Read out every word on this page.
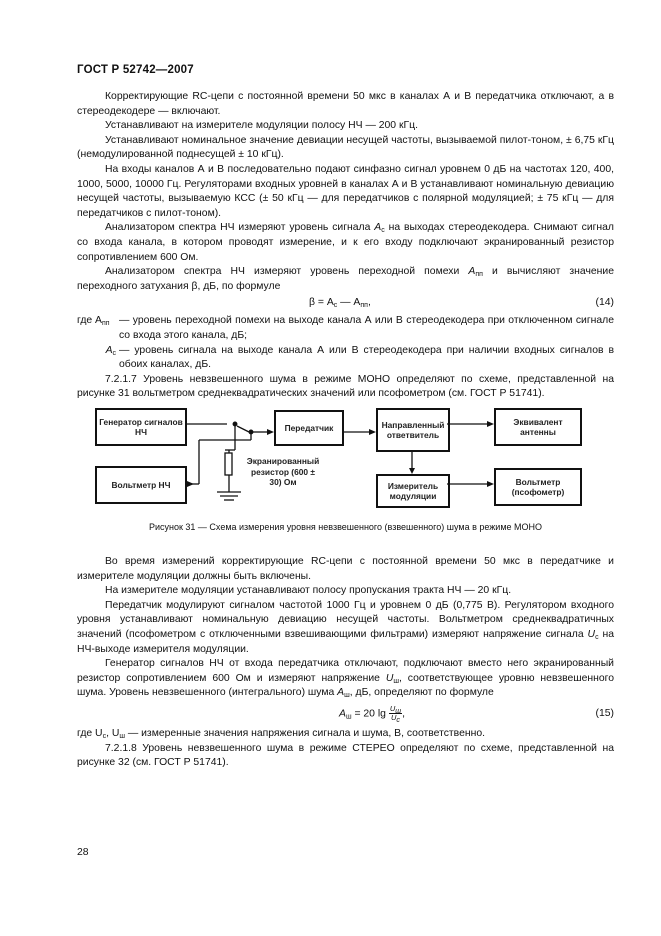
ГОСТ Р 52742—2007

Корректирующие RC-цепи с постоянной времени 50 мкс в каналах А и В передатчика отключают, а в стереодекодере — включают.

Устанавливают на измерителе модуляции полосу НЧ — 200 кГц.

Устанавливают номинальное значение девиации несущей частоты, вызываемой пилот-тоном, ± 6,75 кГц (немодулированной поднесущей ± 10 кГц).

На входы каналов А и В последовательно подают синфазно сигнал уровнем 0 дБ на частотах 120, 400, 1000, 5000, 10000 Гц. Регуляторами входных уровней в каналах А и В устанавливают номинальную девиацию несущей частоты, вызываемую КСС (± 50 кГц — для передатчиков с полярной модуляцией; ± 75 кГц — для передатчиков с пилот-тоном).

Анализатором спектра НЧ измеряют уровень сигнала $A_с$ на выходах стереодекодера. Снимают сигнал со входа канала, в котором проводят измерение, и к его входу подключают экранированный резистор сопротивлением 600 Ом.

Анализатором спектра НЧ измеряют уровень переходной помехи $A_{пп}$ и вычисляют значение переходного затухания β, дБ, по формуле

$\beta = A_с$ — $A_{пп}$,	(14)
где $A_{пп}$ — уровень переходной помехи на выходе канала А или В стереодекодера при отключенном сигнале со входа этого канала, дБ;
$A_с$ — уровень сигнала на выходе канала А или В стереодекодера при наличии входных сигналов в обоих каналах, дБ.

7.2.1.7 Уровень невзвешенного шума в режиме МОНО определяют по схеме, представленной на рисунке 31 вольтметром среднеквадратических значений или псофометром (см. ГОСТ Р 51741).

Генератор сигналов НЧ
Вольтметр НЧ
Передатчик	Направленный ответвитель
Эквивалент антенны
Измеритель модуляции
Вольтметр (псофометр)
Экранированный резистор (600 ± 30) Ом
Рисунок 31 — Схема измерения уровня невзвешенного (взвешенного) шума в режиме МОНО

Во время измерений корректирующие RC-цепи с постоянной времени 50 мкс в передатчике и измерителе модуляции должны быть включены.

На измерителе модуляции устанавливают полосу пропускания тракта НЧ — 20 кГц.

Передатчик модулируют сигналом частотой 1000 Гц и уровнем 0 дБ (0,775 В). Регулятором входного уровня устанавливают номинальную девиацию несущей частоты. Вольтметром среднеквадратичных значений (псофометром с отключенными взвешивающими фильтрами) измеряют напряжение сигнала $U_с$ на НЧ-выходе измерителя модуляции.

Генератор сигналов НЧ от входа передатчика отключают, подключают вместо него экранированный резистор сопротивлением 600 Ом и измеряют напряжение $U_ш$, соответствующее уровню невзвешенного шума. Уровень невзвешенного (интегрального) шума $A_ш$, дБ, определяют по формуле

$A_ш = 20$ $\lg \frac{U_ш}{U_с}$ ,	(15)

где $U_с$, $U_ш$ — измеренные значения напряжения сигнала и шума, В, соответственно.

7.2.1.8 Уровень невзвешенного шума в режиме СТЕРЕО определяют по схеме, представленной на рисунке 32 (см. ГОСТ Р 51741).

28
